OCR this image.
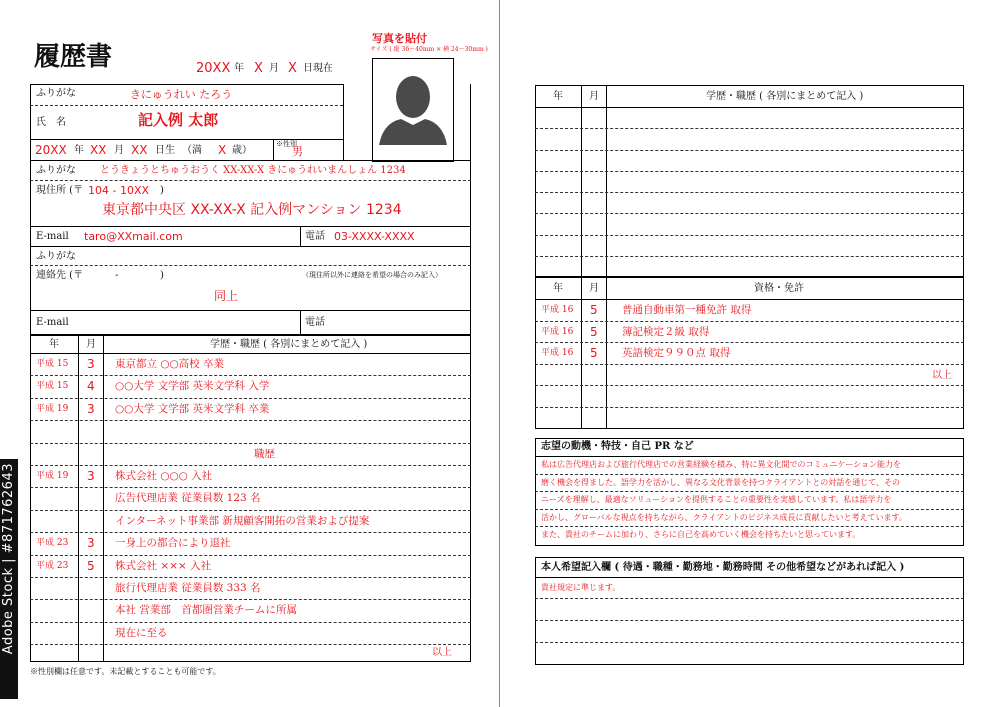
履歴書	20XX 年 X 月 X 日現在
写真を貼付
サイズ ( 縦 36～40mm × 横 24～30mm )
ふりがな	きにゅうれい たろう
氏　名	記入例 太郎
20XX 年 XX 月 XX 日生 （満 X 歳）
※性別
男
ふりがな とうきょうとちゅうおうく XX-XX-X きにゅうれいまんしょん 1234
現住所 (〒 104 - 10XX )
東京都中央区 XX-XX-X 記入例マンション 1234
E-mail taro@XXmail.com	電話 03-XXXX-XXXX
ふりがな
連絡先 (〒	-	)	（現住所以外に連絡を希望の場合のみ記入）
同上
E-mail	電話
年	月	学歴・職歴 ( 各別にまとめて記入 )
平成 15 3 東京都立 ○○高校 卒業
平成 15 4 ○○大学 文学部 英米文学科 入学
平成 19 3 ○○大学 文学部 英米文学科 卒業
職歴
平成 19 3 株式会社 ○○○ 入社
広告代理店業 従業員数 123 名
インターネット事業部 新規顧客開拓の営業および提案
平成 23 3 一身上の都合により退社
平成 23 5 株式会社 ××× 入社
旅行代理店業 従業員数 333 名
本社 営業部　首都圏営業チームに所属
現在に至る
以上
※性別欄は任意です。未記載とすることも可能です。
Adobe Stock | #871762643
年	月	学歴・職歴 ( 各別にまとめて記入 )
年	月	資格・免許
平成 16 5 普通自動車第一種免許 取得
平成 16 5 簿記検定２級 取得
平成 16 5 英語検定９９０点 取得
以上
志望の動機・特技・自己 PR など
私は広告代理店および旅行代理店での営業経験を積み、特に異文化間でのコミュニケーション能力を
磨く機会を得ました。語学力を活かし、異なる文化背景を持つクライアントとの対話を通じて、その
ニーズを理解し、最適なソリューションを提供することの重要性を実感しています。私は語学力を
活かし、グローバルな視点を持ちながら、クライアントのビジネス成長に貢献したいと考えています。
また、貴社のチームに加わり、さらに自己を高めていく機会を持ちたいと思っています。
本人希望記入欄 ( 待遇・職種・勤務地・勤務時間 その他希望などがあれば記入 )
貴社規定に準じます。
